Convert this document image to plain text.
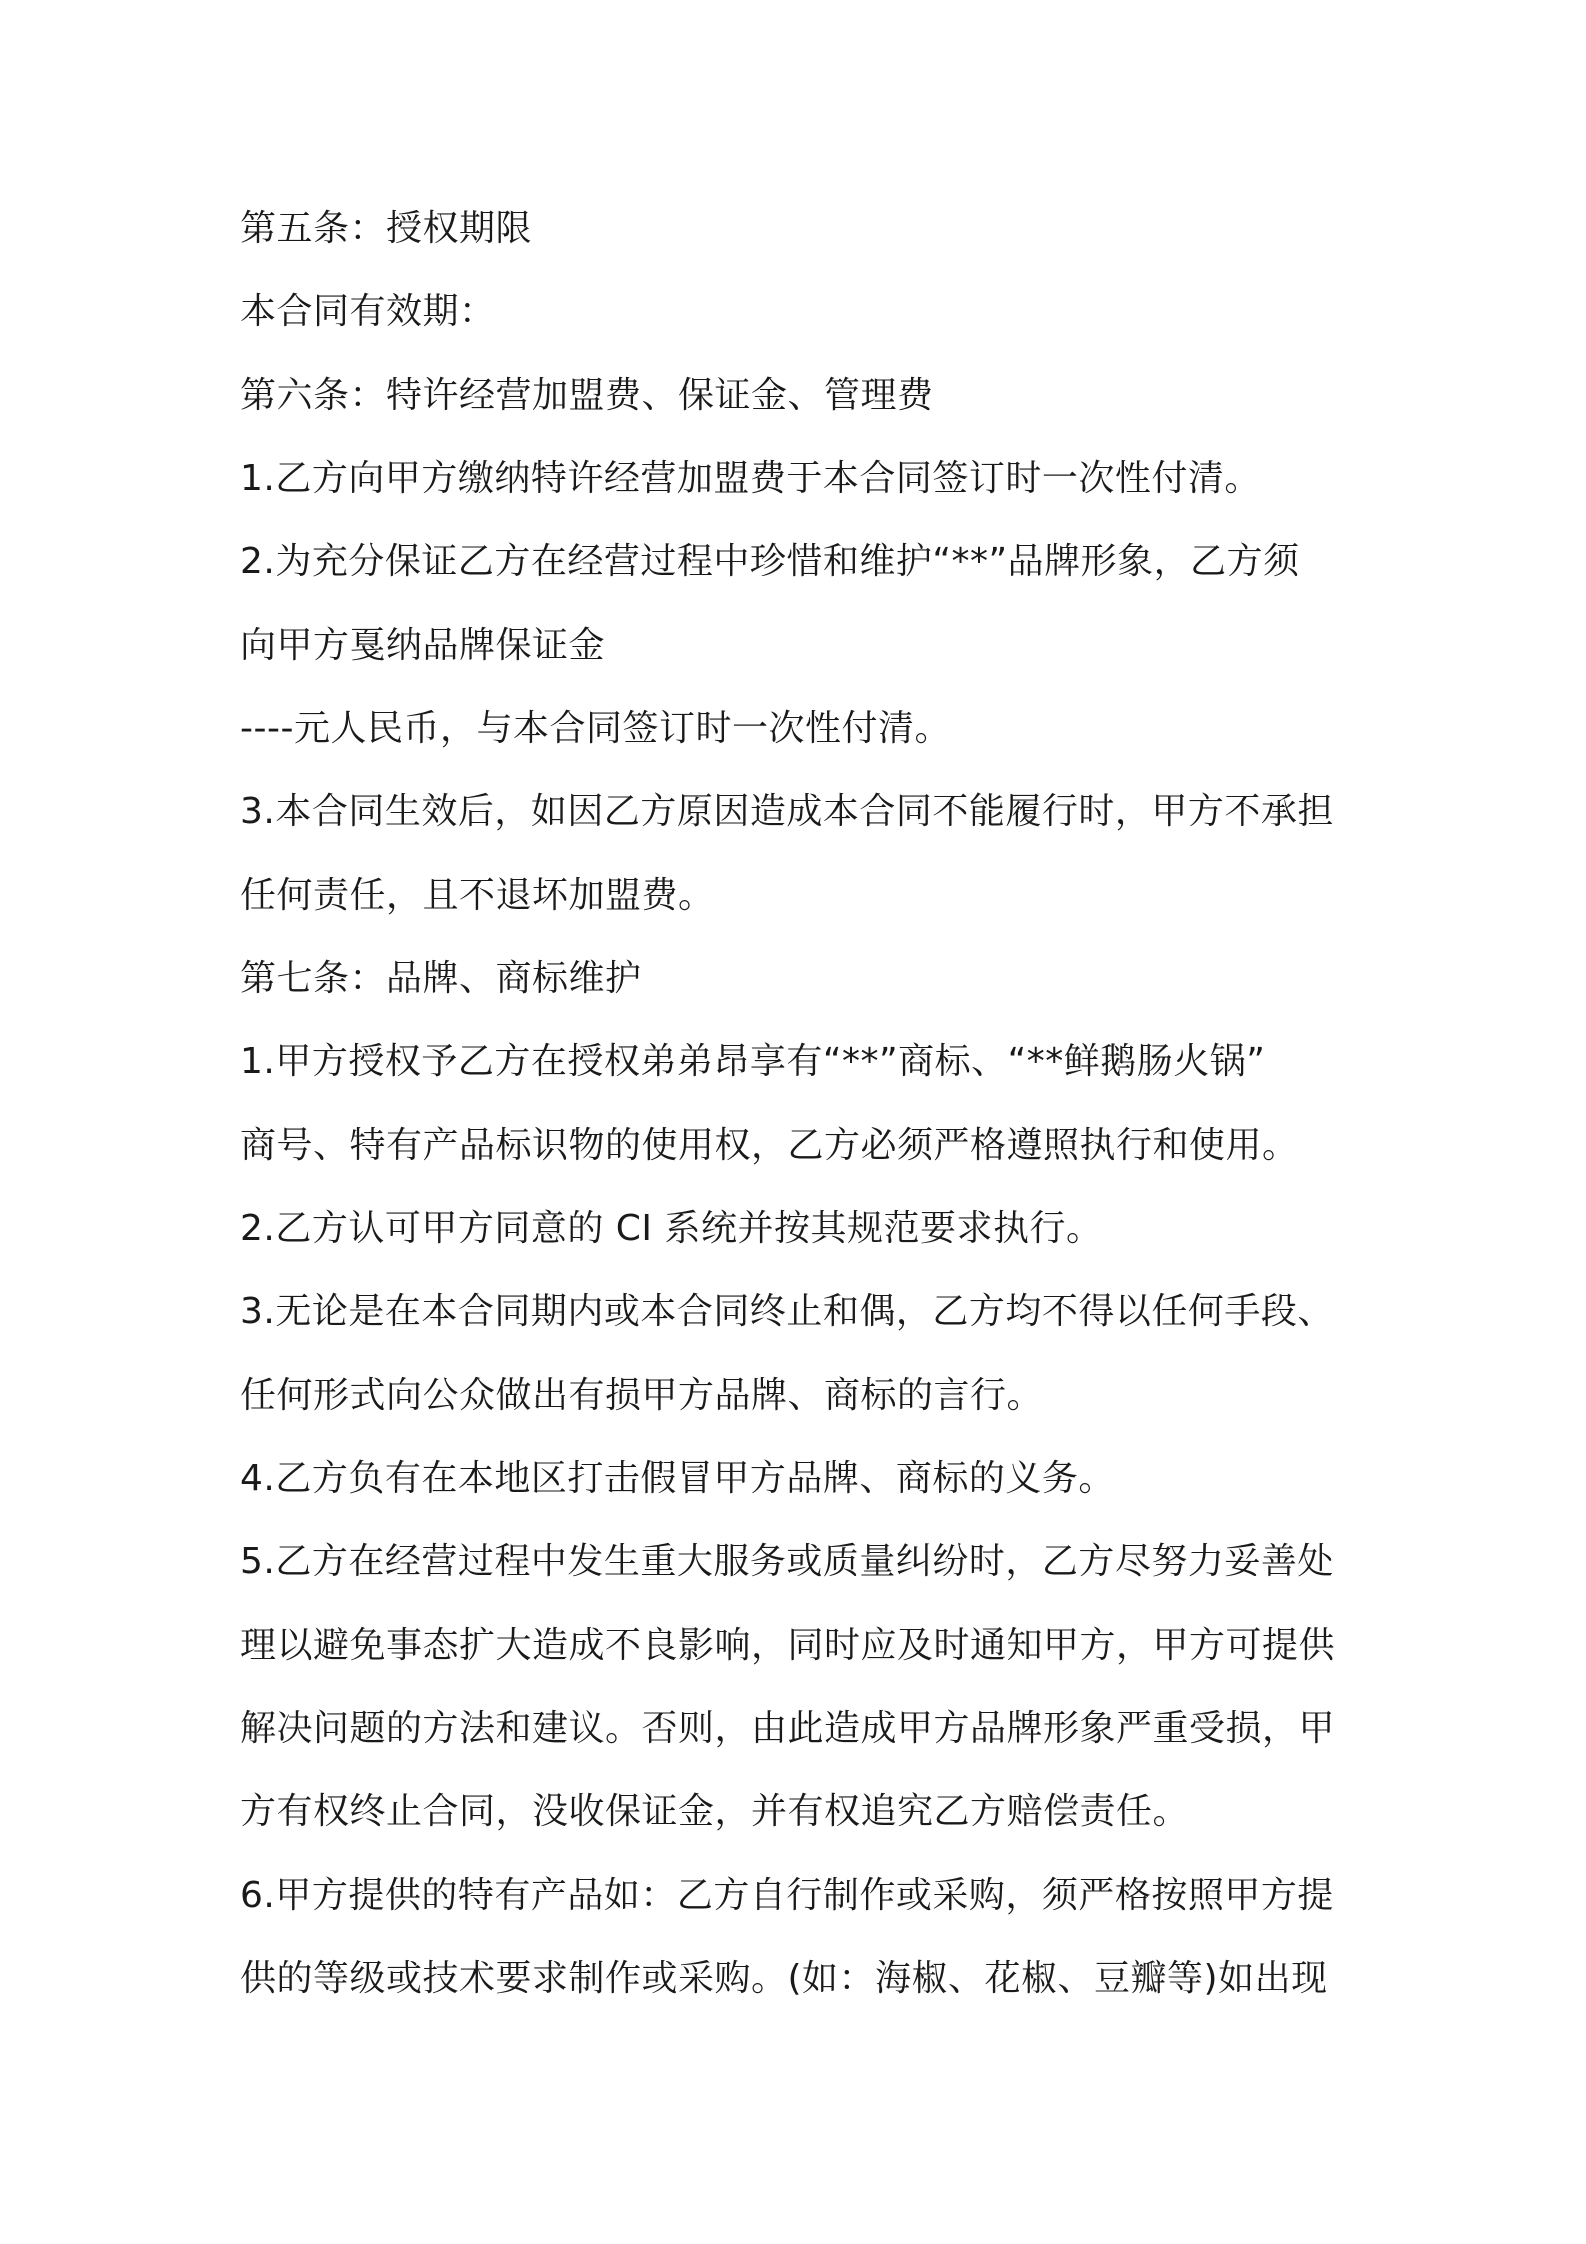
第五条：授权期限
本合同有效期：
第六条：特许经营加盟费、保证金、管理费
1.乙方向甲方缴纳特许经营加盟费于本合同签订时一次性付清。
2.为充分保证乙方在经营过程中珍惜和维护“**”品牌形象，乙方须
向甲方戛纳品牌保证金
----元人民币，与本合同签订时一次性付清。
3.本合同生效后，如因乙方原因造成本合同不能履行时，甲方不承担
任何责任，且不退坏加盟费。
第七条：品牌、商标维护
1.甲方授权予乙方在授权弟弟昂享有“**”商标、“**鲜鹅肠火锅”
商号、特有产品标识物的使用权，乙方必须严格遵照执行和使用。
2.乙方认可甲方同意的 CI 系统并按其规范要求执行。
3.无论是在本合同期内或本合同终止和偶，乙方均不得以任何手段、
任何形式向公众做出有损甲方品牌、商标的言行。
4.乙方负有在本地区打击假冒甲方品牌、商标的义务。
5.乙方在经营过程中发生重大服务或质量纠纷时，乙方尽努力妥善处
理以避免事态扩大造成不良影响，同时应及时通知甲方，甲方可提供
解决问题的方法和建议。否则，由此造成甲方品牌形象严重受损，甲
方有权终止合同，没收保证金，并有权追究乙方赔偿责任。
6.甲方提供的特有产品如：乙方自行制作或采购，须严格按照甲方提
供的等级或技术要求制作或采购。(如：海椒、花椒、豆瓣等)如出现
